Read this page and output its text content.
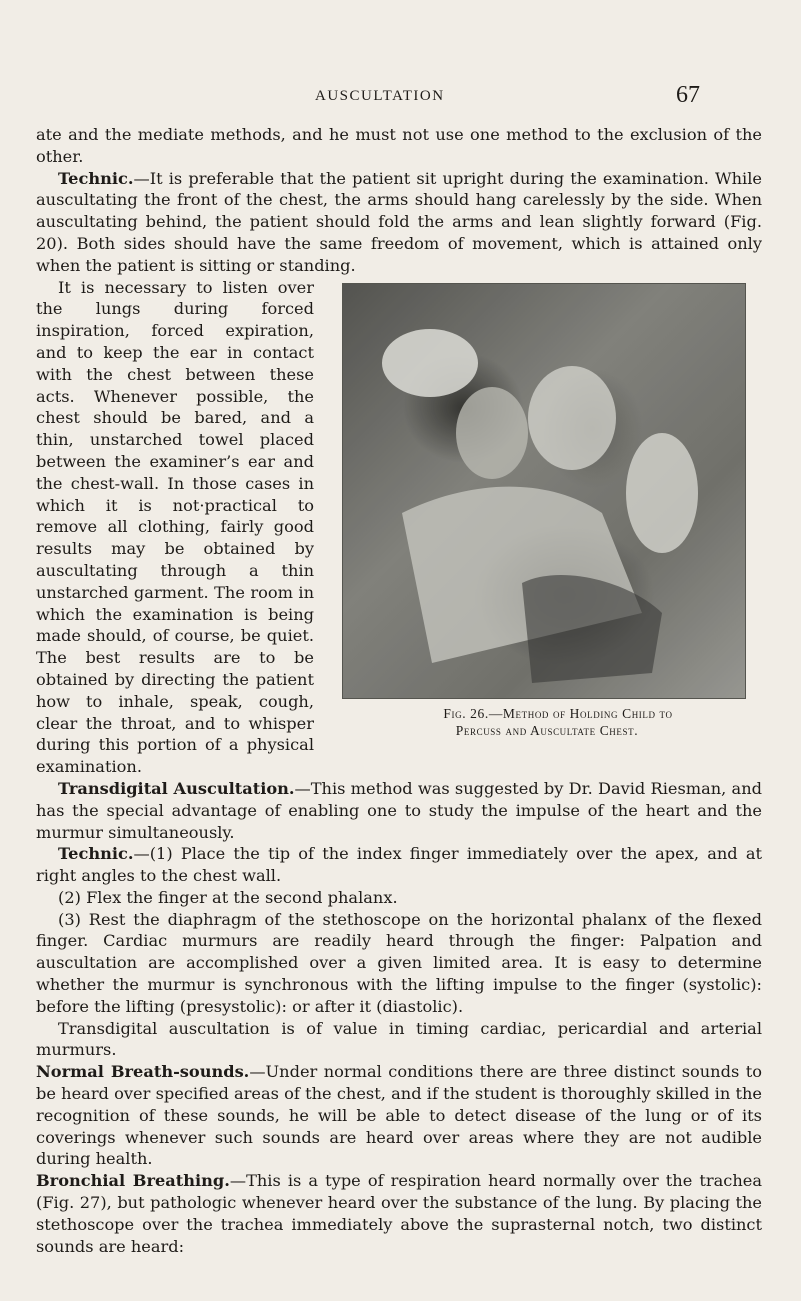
AUSCULTATION	67

ate and the mediate methods, and he must not use one method to the exclusion of the other.

Technic.—It is preferable that the patient sit upright during the examination. While auscultating the front of the chest, the arms should hang carelessly by the side. When auscultating behind, the patient should fold the arms and lean slightly forward (Fig. 20). Both sides should have the same freedom of movement, which is attained only when the patient is sitting or standing.

Fig. 26.—Method of Holding Child to
Percuss and Auscultate Chest.
It is necessary to listen over the lungs during forced inspiration, forced expiration, and to keep the ear in contact with the chest between these acts. Whenever possible, the chest should be bared, and a thin, unstarched towel placed between the examiner’s ear and the chest-wall. In those cases in which it is not·practical to remove all clothing, fairly good results may be obtained by auscultating through a thin unstarched garment. The room in which the examination is being made should, of course, be quiet. The best results are to be obtained by directing the patient how to inhale, speak, cough, clear the throat, and to whisper during this portion of a physical examination.

Transdigital Auscultation.—This method was suggested by Dr. David Riesman, and has the special advantage of enabling one to study the impulse of the heart and the murmur simultaneously.

Technic.—(1) Place the tip of the index finger immediately over the apex, and at right angles to the chest wall.

(2) Flex the finger at the second phalanx.

(3) Rest the diaphragm of the stethoscope on the horizontal phalanx of the flexed finger. Cardiac murmurs are readily heard through the finger: Palpation and auscultation are accomplished over a given limited area. It is easy to determine whether the murmur is synchronous with the lifting impulse to the finger (systolic): before the lifting (presystolic): or after it (diastolic).

Transdigital auscultation is of value in timing cardiac, pericardial and arterial murmurs.

Normal Breath-sounds.—Under normal conditions there are three distinct sounds to be heard over specified areas of the chest, and if the student is thoroughly skilled in the recognition of these sounds, he will be able to detect disease of the lung or of its coverings whenever such sounds are heard over areas where they are not audible during health.

Bronchial Breathing.—This is a type of respiration heard normally over the trachea (Fig. 27), but pathologic whenever heard over the substance of the lung. By placing the stethoscope over the trachea immediately above the suprasternal notch, two distinct sounds are heard:
